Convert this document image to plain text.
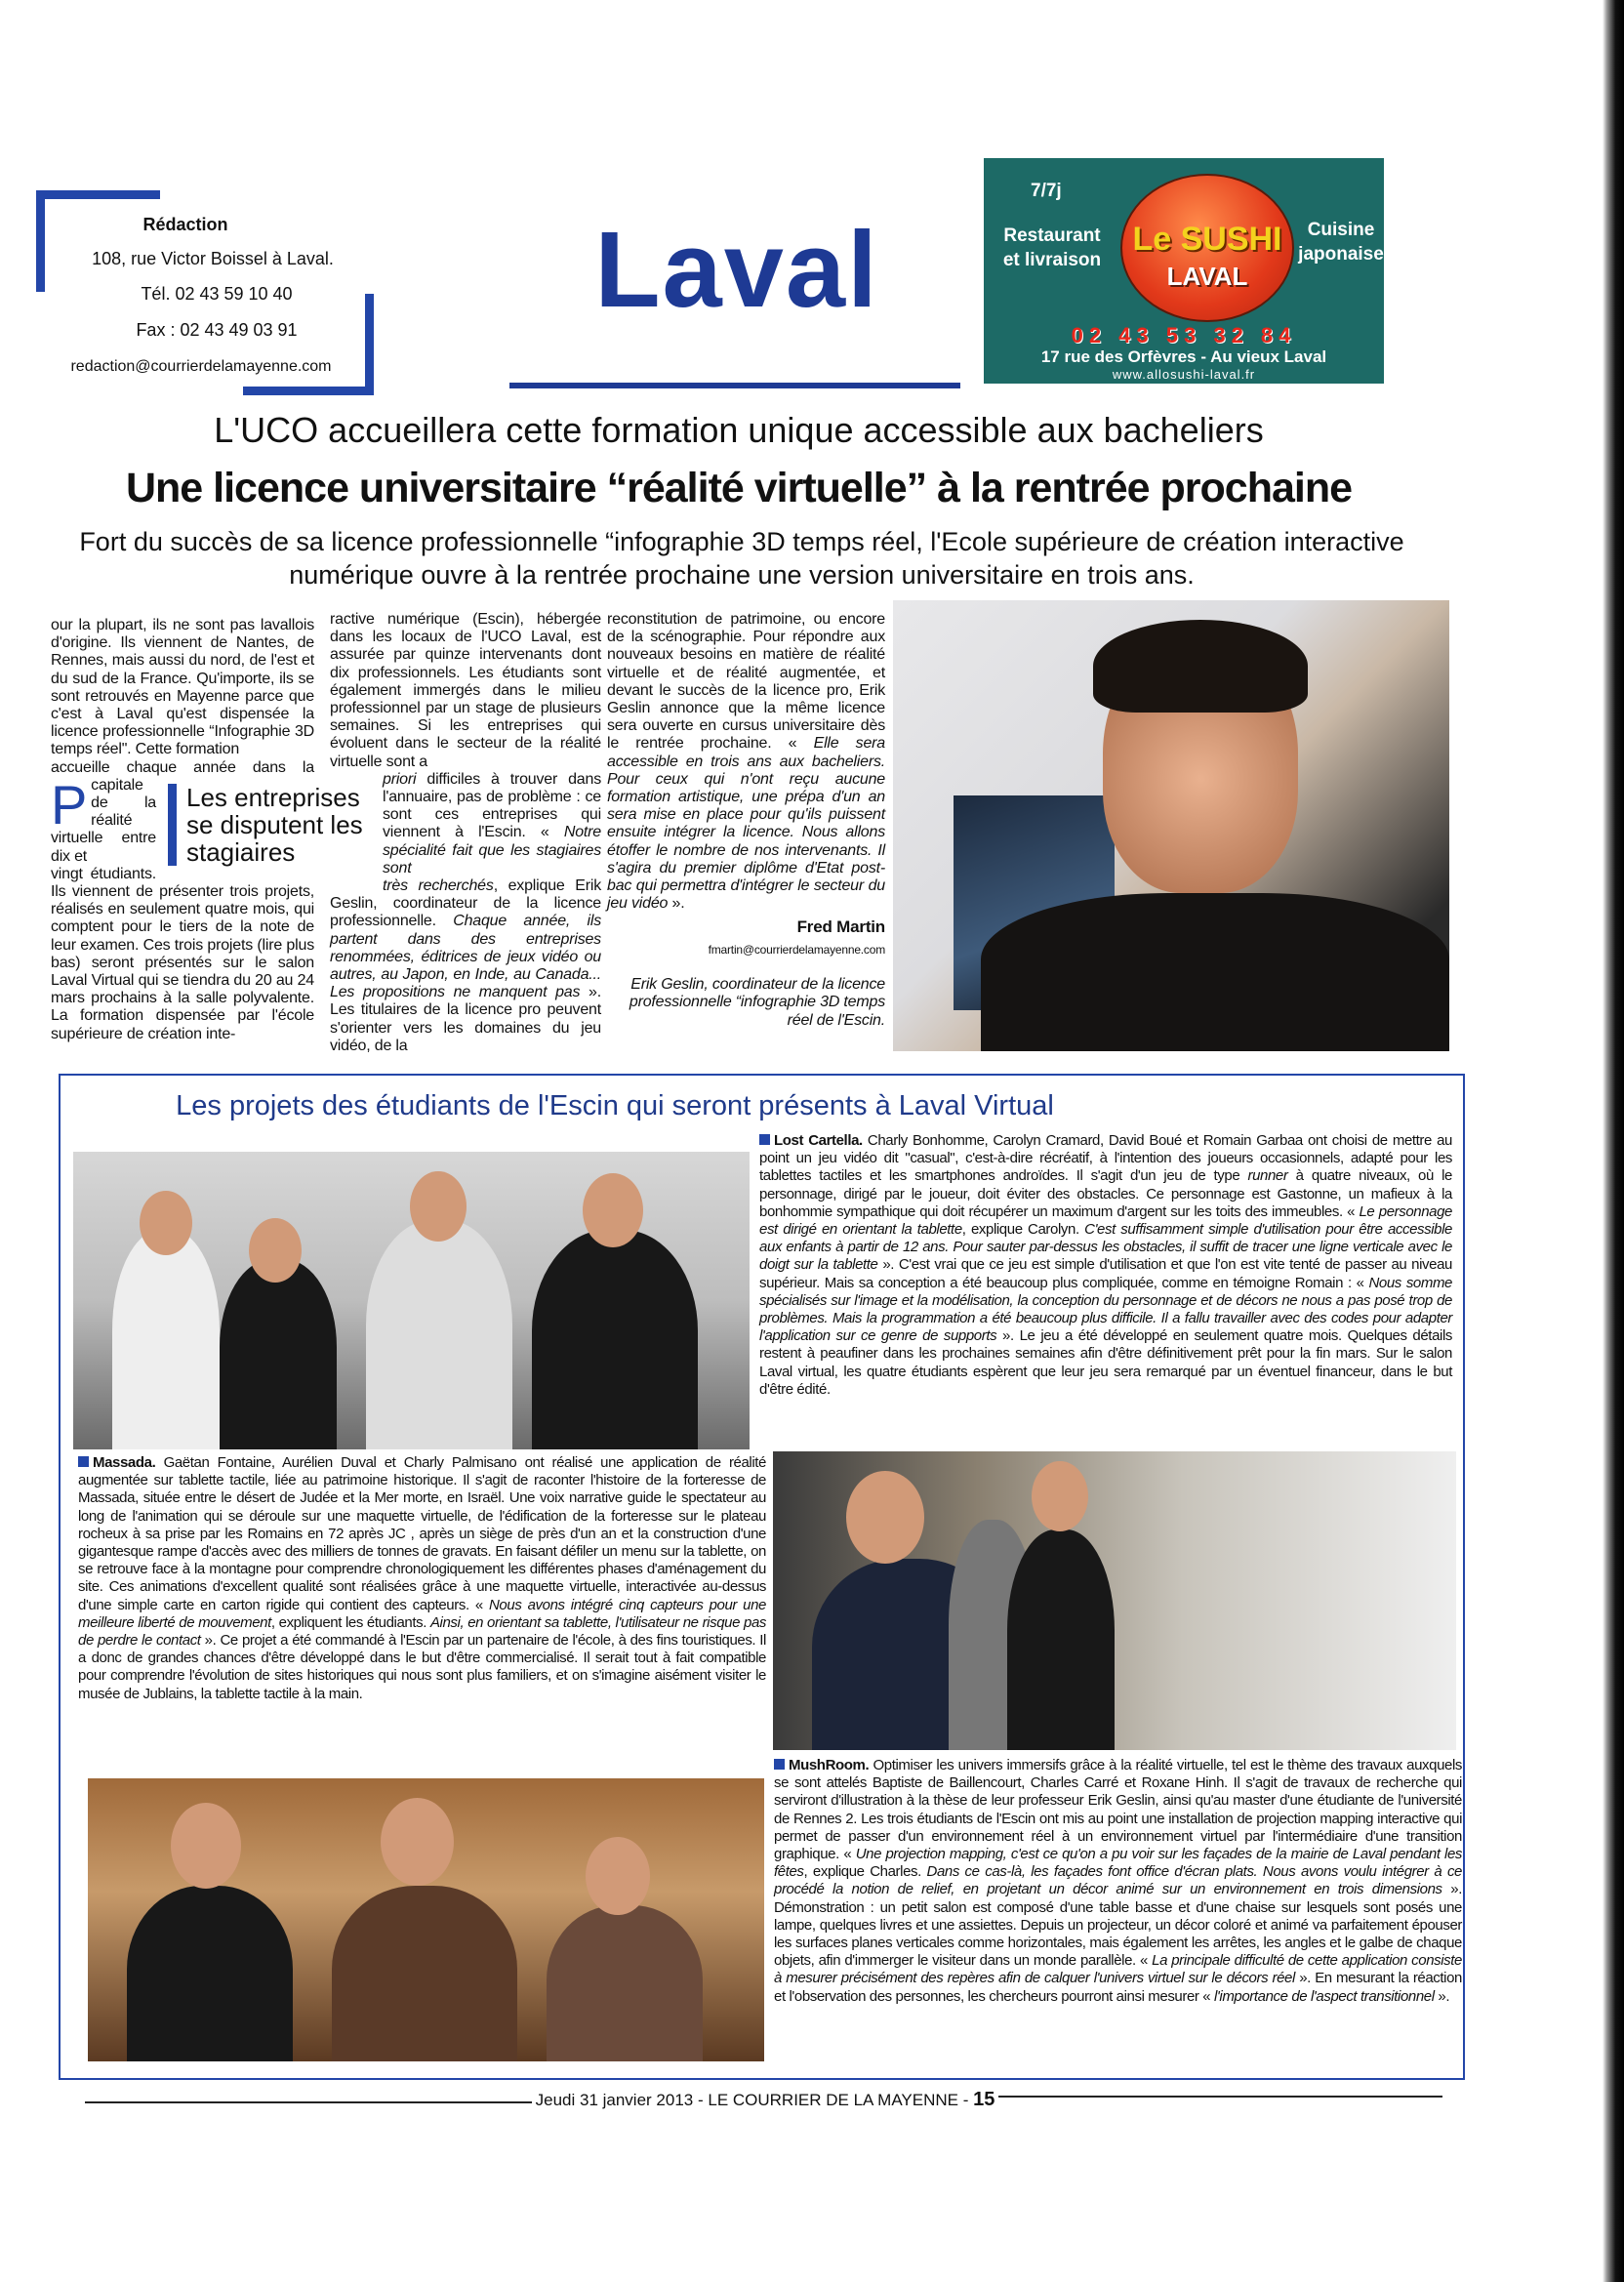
Rédaction
108, rue Victor Boissel à Laval.
Tél. 02 43 59 10 40
Fax : 02 43 49 03 91
redaction@courrierdelamayenne.com
Laval
7/7j
Restaurant et livraison
Le SUSHI
LAVAL
Cuisine japonaise
02 43 53 32 84
17 rue des Orfèvres - Au vieux Laval
www.allosushi-laval.fr
L'UCO accueillera cette formation unique accessible aux bacheliers
Une licence universitaire “réalité virtuelle” à la rentrée prochaine
Fort du succès de sa licence professionnelle “infographie 3D temps réel, l'Ecole supérieure de création interactive numérique ouvre à la rentrée prochaine une version universitaire en trois ans.

Pour la plupart, ils ne sont pas lavallois d'origine. Ils viennent de Nantes, de Rennes, mais aussi du nord, de l'est et du sud de la France. Qu'importe, ils se sont retrouvés en Mayenne parce que c'est à Laval qu'est dispensée la licence professionnelle “Infographie 3D temps réel". Cette formation

accueille chaque année dans la capitale de la réalité virtuelle entre dix et

vingt étudiants. Ils viennent de présenter trois projets, réalisés en seulement quatre mois, qui comptent pour le tiers de la note de leur examen. Ces trois projets (lire plus bas) seront présentés sur le salon Laval Virtual qui se tiendra du 20 au 24 mars prochains à la salle polyvalente. La formation dispensée par l'école supérieure de création inte-

Les entreprises se disputent les stagiaires

ractive numérique (Escin), hébergée dans les locaux de l'UCO Laval, est assurée par quinze intervenants dont dix professionnels. Les étudiants sont également immergés dans le milieu professionnel par un stage de plusieurs semaines. Si les entreprises qui évoluent dans le secteur de la réalité virtuelle sont a

priori difficiles à trouver dans l'annuaire, pas de problème : ce sont ces entreprises qui viennent à l'Escin. « Notre spécialité fait que les stagiaires sont

très recherchés, explique Erik Geslin, coordinateur de la licence professionnelle. Chaque année, ils partent dans des entreprises renommées, éditrices de jeux vidéo ou autres, au Japon, en Inde, au Canada... Les propositions ne manquent pas ». Les titulaires de la licence pro peuvent s'orienter vers les domaines du jeu vidéo, de la

reconstitution de patrimoine, ou encore de la scénographie. Pour répondre aux nouveaux besoins en matière de réalité virtuelle et de réalité augmentée, et devant le succès de la licence pro, Erik Geslin annonce que la même licence sera ouverte en cursus universitaire dès le rentrée prochaine. « Elle sera accessible en trois ans aux bacheliers. Pour ceux qui n'ont reçu aucune formation artistique, une prépa d'un an sera mise en place pour qu'ils puissent ensuite intégrer la licence. Nous allons étoffer le nombre de nos intervenants. Il s'agira du premier diplôme d'Etat post-bac qui permettra d'intégrer le secteur du jeu vidéo ».

Fred Martin

fmartin@courrierdelamayenne.com

Erik Geslin, coordinateur de la licence professionnelle “infographie 3D temps réel de l'Escin.

Les projets des étudiants de l'Escin qui seront présents à Laval Virtual
Lost Cartella. Charly Bonhomme, Carolyn Cramard, David Boué et Romain Garbaa ont choisi de mettre au point un jeu vidéo dit "casual", c'est-à-dire récréatif, à l'intention des joueurs occasionnels, adapté pour les tablettes tactiles et les smartphones androïdes. Il s'agit d'un jeu de type runner à quatre niveaux, où le personnage, dirigé par le joueur, doit éviter des obstacles. Ce personnage est Gastonne, un mafieux à la bonhommie sympathique qui doit récupérer un maximum d'argent sur les toits des immeubles. « Le personnage est dirigé en orientant la tablette, explique Carolyn. C'est suffisamment simple d'utilisation pour être accessible aux enfants à partir de 12 ans. Pour sauter par-dessus les obstacles, il suffit de tracer une ligne verticale avec le doigt sur la tablette ». C'est vrai que ce jeu est simple d'utilisation et que l'on est vite tenté de passer au niveau supérieur. Mais sa conception a été beaucoup plus compliquée, comme en témoigne Romain : « Nous somme spécialisés sur l'image et la modélisation, la conception du personnage et de décors ne nous a pas posé trop de problèmes. Mais la programmation a été beaucoup plus difficile. Il a fallu travailler avec des codes pour adapter l'application sur ce genre de supports ». Le jeu a été développé en seulement quatre mois. Quelques détails restent à peaufiner dans les prochaines semaines afin d'être définitivement prêt pour la fin mars. Sur le salon Laval virtual, les quatre étudiants espèrent que leur jeu sera remarqué par un éventuel financeur, dans le but d'être édité.
Massada. Gaëtan Fontaine, Aurélien Duval et Charly Palmisano ont réalisé une application de réalité augmentée sur tablette tactile, liée au patrimoine historique. Il s'agit de raconter l'histoire de la forteresse de Massada, située entre le désert de Judée et la Mer morte, en Israël. Une voix narrative guide le spectateur au long de l'animation qui se déroule sur une maquette virtuelle, de l'édification de la forteresse sur le plateau rocheux à sa prise par les Romains en 72 après JC , après un siège de près d'un an et la construction d'une gigantesque rampe d'accès avec des milliers de tonnes de gravats. En faisant défiler un menu sur la tablette, on se retrouve face à la montagne pour comprendre chronologiquement les différentes phases d'aménagement du site. Ces animations d'excellent qualité sont réalisées grâce à une maquette virtuelle, interactivée au-dessus d'une simple carte en carton rigide qui contient des capteurs. « Nous avons intégré cinq capteurs pour une meilleure liberté de mouvement, expliquent les étudiants. Ainsi, en orientant sa tablette, l'utilisateur ne risque pas de perdre le contact ». Ce projet a été commandé à l'Escin par un partenaire de l'école, à des fins touristiques. Il a donc de grandes chances d'être développé dans le but d'être commercialisé. Il serait tout à fait compatible pour comprendre l'évolution de sites historiques qui nous sont plus familiers, et on s'imagine aisément visiter le musée de Jublains, la tablette tactile à la main.
MushRoom. Optimiser les univers immersifs grâce à la réalité virtuelle, tel est le thème des travaux auxquels se sont attelés Baptiste de Baillencourt, Charles Carré et Roxane Hinh. Il s'agit de travaux de recherche qui serviront d'illustration à la thèse de leur professeur Erik Geslin, ainsi qu'au master d'une étudiante de l'université de Rennes 2. Les trois étudiants de l'Escin ont mis au point une installation de projection mapping interactive qui permet de passer d'un environnement réel à un environnement virtuel par l'intermédiaire d'une transition graphique. « Une projection mapping, c'est ce qu'on a pu voir sur les façades de la mairie de Laval pendant les fêtes, explique Charles. Dans ce cas-là, les façades font office d'écran plats. Nous avons voulu intégrer à ce procédé la notion de relief, en projetant un décor animé sur un environnement en trois dimensions ». Démonstration : un petit salon est composé d'une table basse et d'une chaise sur lesquels sont posés une lampe, quelques livres et une assiettes. Depuis un projecteur, un décor coloré et animé va parfaitement épouser les surfaces planes verticales comme horizontales, mais également les arrêtes, les angles et le galbe de chaque objets, afin d'immerger le visiteur dans un monde parallèle. « La principale difficulté de cette application consiste à mesurer précisément des repères afin de calquer l'univers virtuel sur le décors réel ». En mesurant la réaction et l'observation des personnes, les chercheurs pourront ainsi mesurer « l'importance de l'aspect transitionnel ».
Jeudi 31 janvier 2013 - LE COURRIER DE LA MAYENNE - 15
